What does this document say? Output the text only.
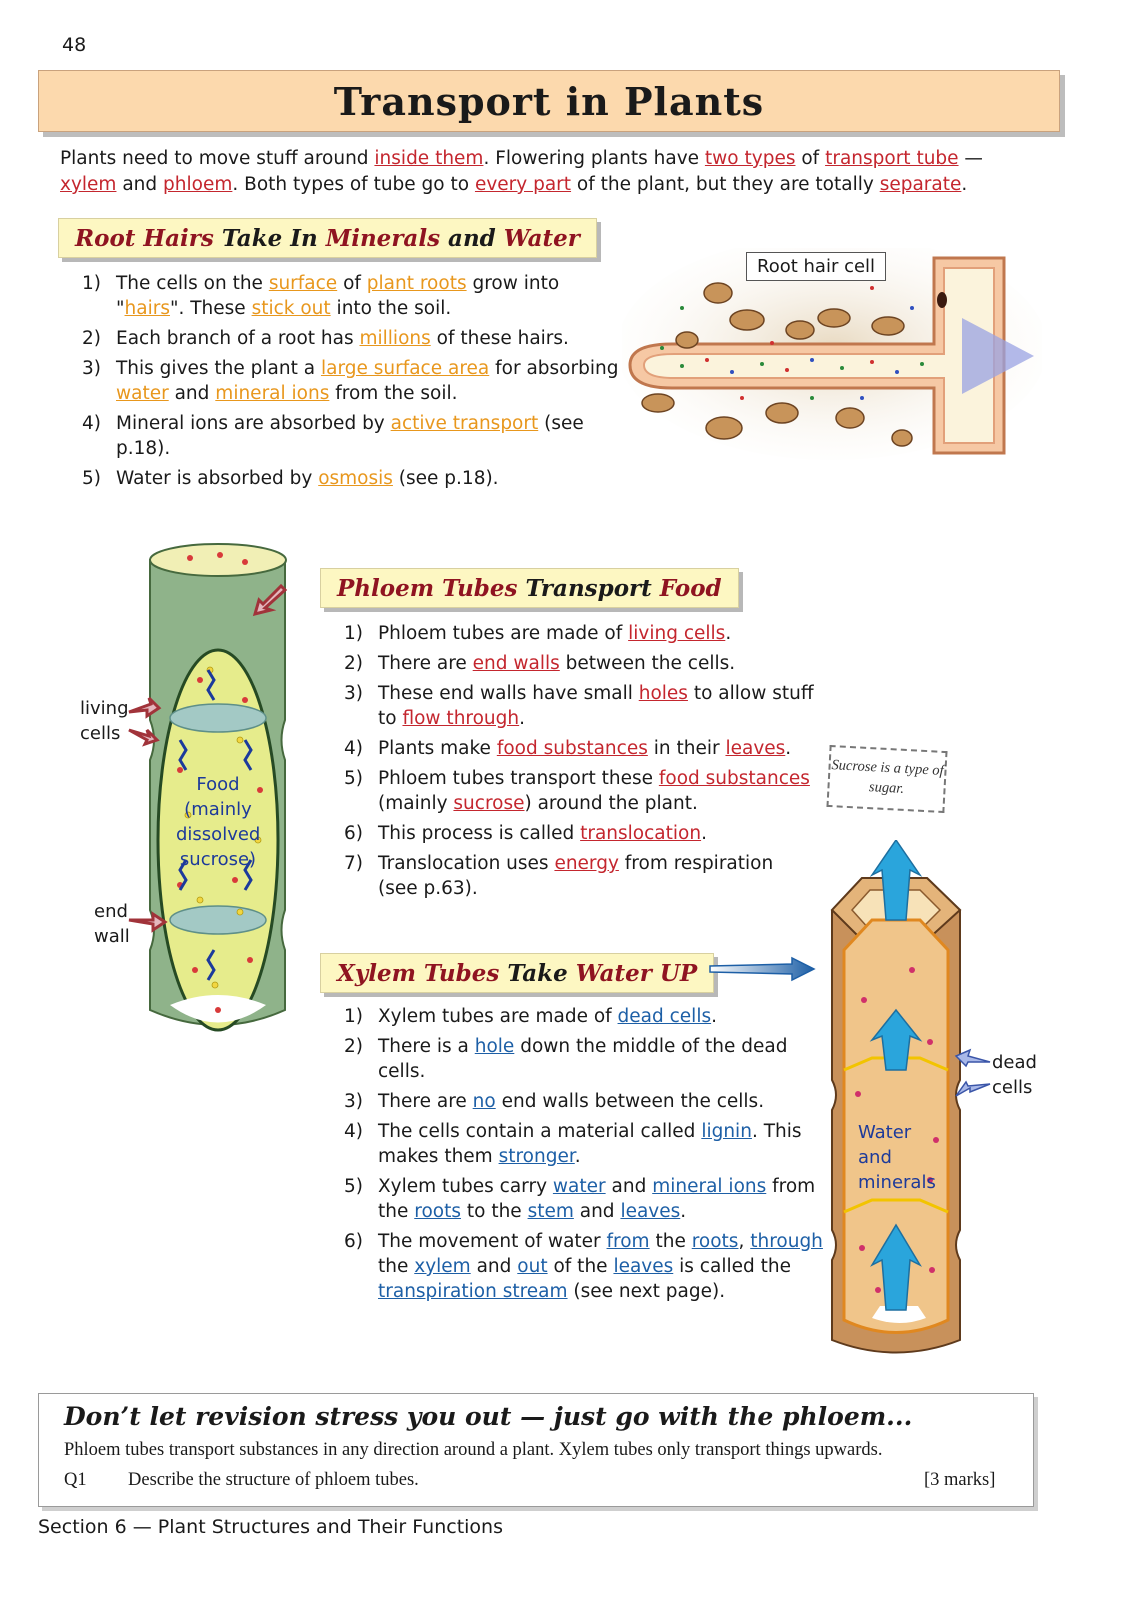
48
Transport in Plants
Plants need to move stuff around inside them. Flowering plants have two types of transport tube — xylem and phloem. Both types of tube go to every part of the plant, but they are totally separate.
Root Hairs Take In Minerals and Water
1) The cells on the surface of plant roots grow into "hairs". These stick out into the soil.
2) Each branch of a root has millions of these hairs.
3) This gives the plant a large surface area for absorbing water and mineral ions from the soil.
4) Mineral ions are absorbed by active transport (see p.18).
5) Water is absorbed by osmosis (see p.18).
Root hair cell
Food
(mainly
dissolved
sucrose)
living
cells
end
wall
Phloem Tubes Transport Food
1) Phloem tubes are made of living cells.
2) There are end walls between the cells.
3) These end walls have small holes to allow stuff to flow through.
4) Plants make food substances in their leaves.
5) Phloem tubes transport these food substances (mainly sucrose) around the plant.
6) This process is called translocation.
7) Translocation uses energy from respiration (see p.63).
Sucrose is a type of sugar.
Xylem Tubes Take Water UP
1) Xylem tubes are made of dead cells.
2) There is a hole down the middle of the dead cells.
3) There are no end walls between the cells.
4) The cells contain a material called lignin. This makes them stronger.
5) Xylem tubes carry water and mineral ions from the roots to the stem and leaves.
6) The movement of water from the roots, through the xylem and out of the leaves is called the transpiration stream (see next page).
Water
and
minerals
dead
cells
Don’t let revision stress you out — just go with the phloem...
Phloem tubes transport substances in any direction around a plant. Xylem tubes only transport things upwards.
Q1 Describe the structure of phloem tubes.	[3 marks]
Section 6 — Plant Structures and Their Functions
